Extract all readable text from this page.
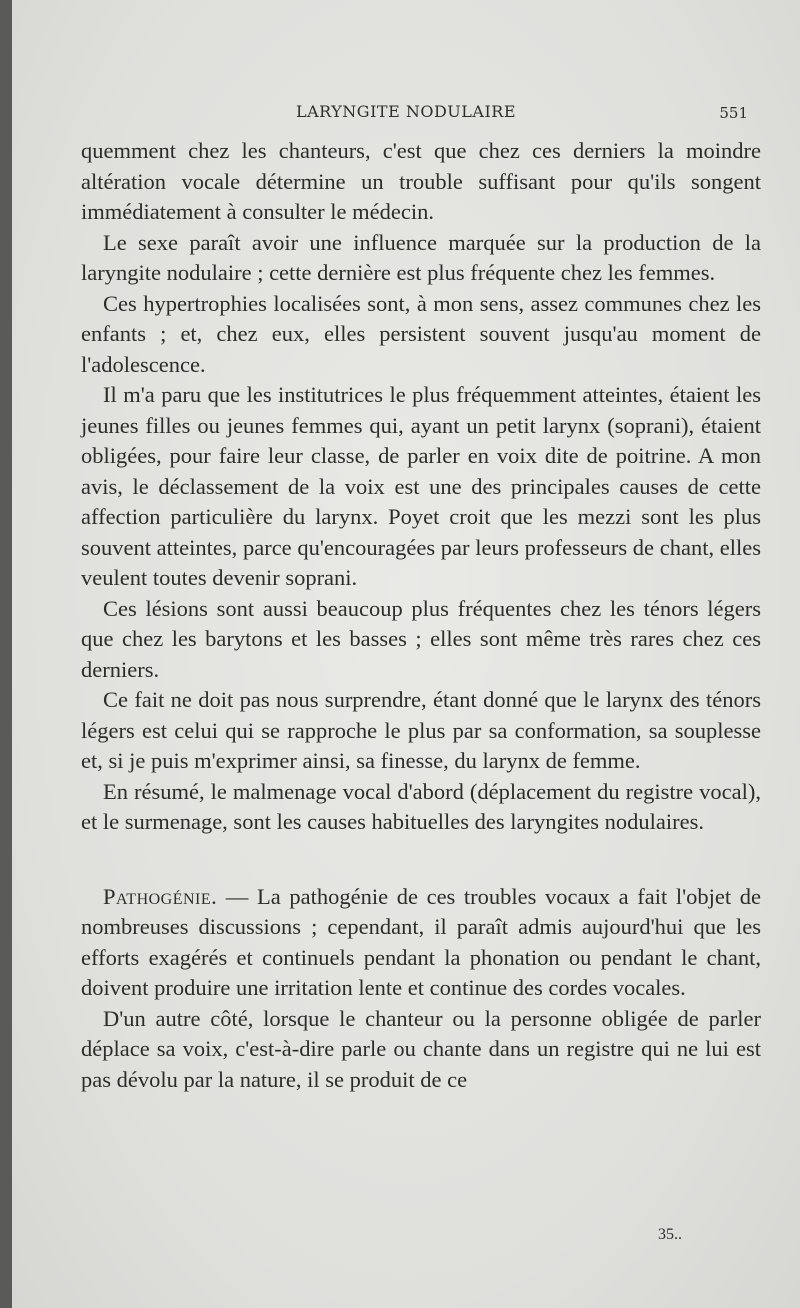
LARYNGITE NODULAIRE	551

quemment chez les chanteurs, c'est que chez ces derniers la moindre altération vocale détermine un trouble suffisant pour qu'ils songent immédiatement à consulter le médecin.

Le sexe paraît avoir une influence marquée sur la production de la laryngite nodulaire ; cette dernière est plus fréquente chez les femmes.

Ces hypertrophies localisées sont, à mon sens, assez communes chez les enfants ; et, chez eux, elles persistent souvent jusqu'au moment de l'adolescence.

Il m'a paru que les institutrices le plus fréquemment atteintes, étaient les jeunes filles ou jeunes femmes qui, ayant un petit larynx (soprani), étaient obligées, pour faire leur classe, de parler en voix dite de poitrine. A mon avis, le déclassement de la voix est une des principales causes de cette affection particulière du larynx. Poyet croit que les mezzi sont les plus souvent atteintes, parce qu'encouragées par leurs professeurs de chant, elles veulent toutes devenir soprani.

Ces lésions sont aussi beaucoup plus fréquentes chez les ténors légers que chez les barytons et les basses ; elles sont même très rares chez ces derniers.

Ce fait ne doit pas nous surprendre, étant donné que le larynx des ténors légers est celui qui se rapproche le plus par sa conformation, sa souplesse et, si je puis m'exprimer ainsi, sa finesse, du larynx de femme.

En résumé, le malmenage vocal d'abord (déplacement du registre vocal), et le surmenage, sont les causes habituelles des laryngites nodulaires.

Pathogénie. — La pathogénie de ces troubles vocaux a fait l'objet de nombreuses discussions ; cependant, il paraît admis aujourd'hui que les efforts exagérés et continuels pendant la phonation ou pendant le chant, doivent produire une irritation lente et continue des cordes vocales.

D'un autre côté, lorsque le chanteur ou la personne obligée de parler déplace sa voix, c'est-à-dire parle ou chante dans un registre qui ne lui est pas dévolu par la nature, il se produit de ce

35..
